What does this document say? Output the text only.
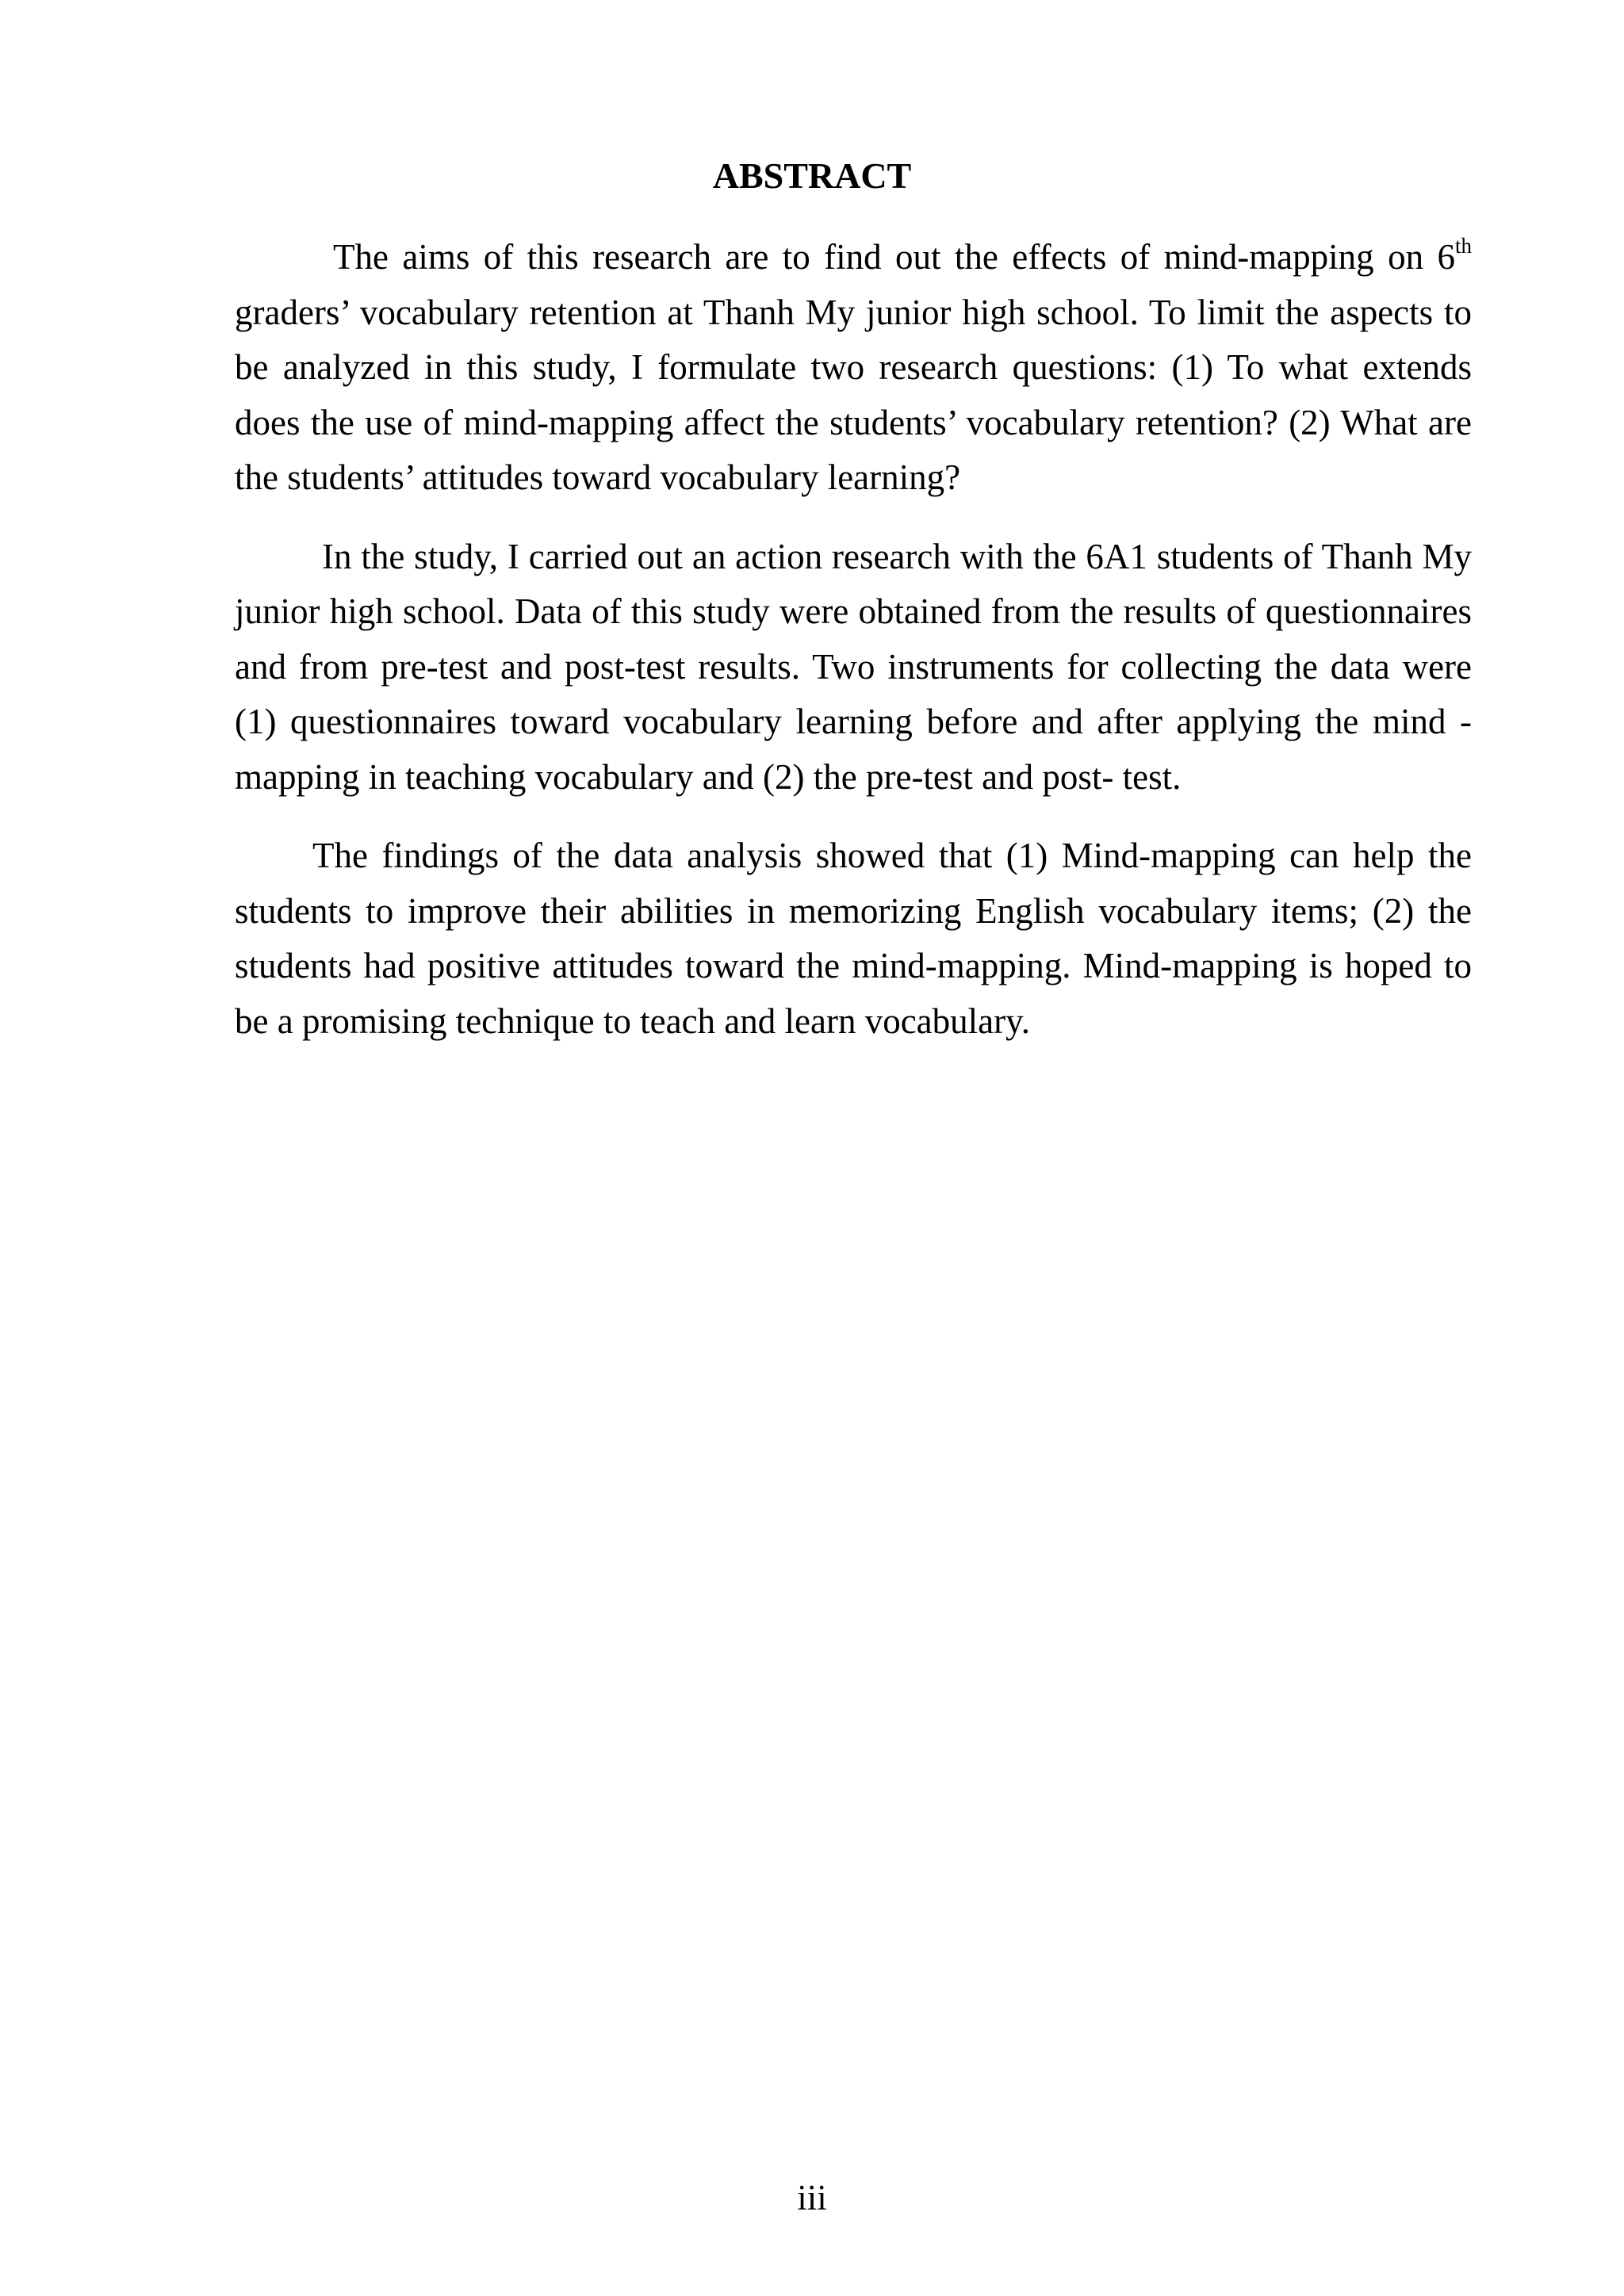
ABSTRACT

The aims of this research are to find out the effects of mind-mapping on 6th graders’ vocabulary retention at Thanh My junior high school. To limit the aspects to be analyzed in this study, I formulate two research questions: (1) To what extends does the use of mind-mapping affect the students’ vocabulary retention? (2) What are the students’ attitudes toward vocabulary learning?

In the study, I carried out an action research with the 6A1 students of Thanh My junior high school. Data of this study were obtained from the results of questionnaires and from pre-test and post-test results. Two instruments for collecting the data were (1) questionnaires toward vocabulary learning before and after applying the mind -mapping in teaching vocabulary and (2) the pre-test and post- test.

The findings of the data analysis showed that (1) Mind-mapping can help the students to improve their abilities in memorizing English vocabulary items; (2) the students had positive attitudes toward the mind-mapping. Mind-mapping is hoped to be a promising technique to teach and learn vocabulary.

iii
